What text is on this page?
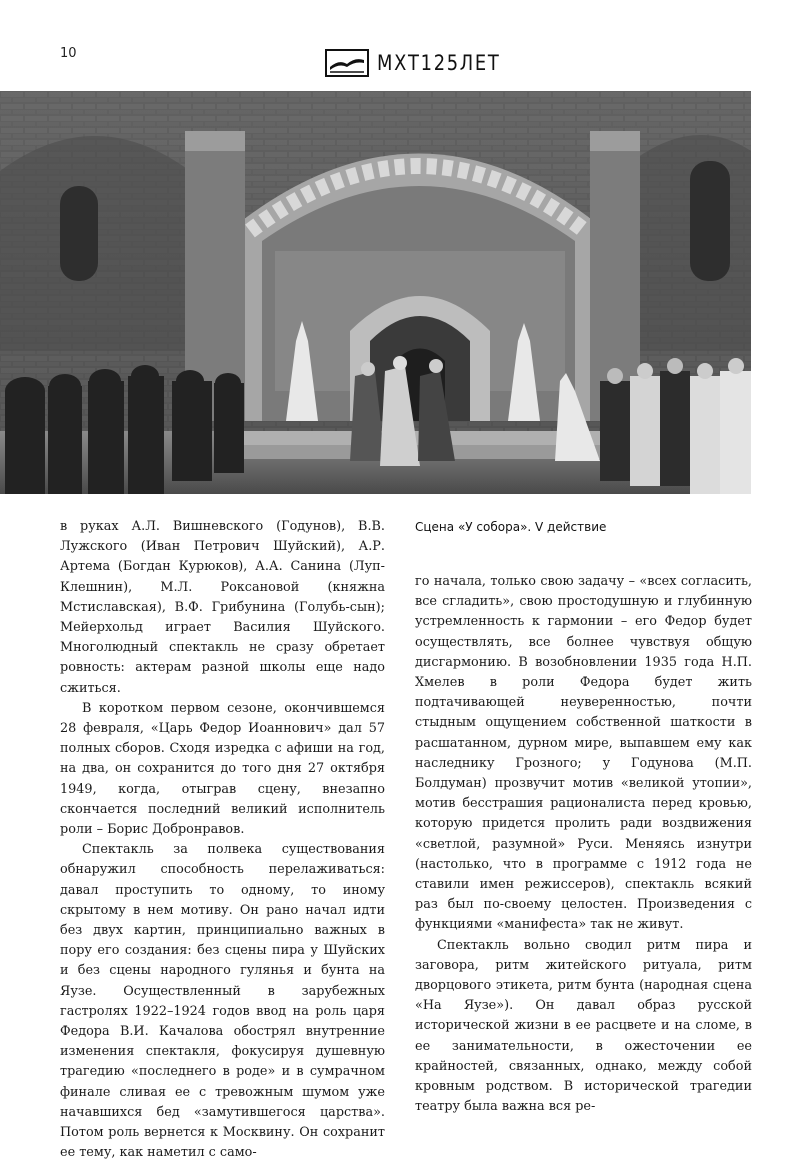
10	МХТ125ЛЕТ

в руках А.Л. Вишневского (Годунов), В.В. Лужского (Иван Петрович Шуйский), А.Р. Артема (Богдан Курюков), А.А. Санина (Луп-Клешнин), М.Л. Роксановой (княжна Мстиславская), В.Ф. Грибунина (Голубь-сын); Мейерхольд играет Василия Шуйского. Многолюдный спектакль не сразу обретает ровность: актерам разной школы еще надо сжиться.

В коротком первом сезоне, окончившемся 28 февраля, «Царь Федор Иоаннович» дал 57 полных сборов. Сходя изредка с афиши на год, на два, он сохранится до того дня 27 октября 1949, когда, отыграв сцену, внезапно скончается последний великий исполнитель роли – Борис Добронравов.

Спектакль за полвека существования обнаружил способность перелаживаться: давал проступить то одному, то иному скрытому в нем мотиву. Он рано начал идти без двух картин, принципиально важных в пору его создания: без сцены пира у Шуйских и без сцены народного гулянья и бунта на Яузе. Осуществленный в зарубежных гастролях 1922–1924 годов ввод на роль царя Федора В.И. Качалова обострял внутренние изменения спектакля, фокусируя душевную трагедию «последнего в роде» и в сумрачном финале сливая ее с тревожным шумом уже начавшихся бед «замутившегося царства». Потом роль вернется к Москвину. Он сохранит ее тему, как наметил с само-

Сцена «У собора». V действие

го начала, только свою задачу – «всех согласить, все сгладить», свою простодушную и глубинную устремленность к гармонии – его Федор будет осуществлять, все болнее чувствуя общую дисгармонию. В возобновлении 1935 года Н.П. Хмелев в роли Федора будет жить подтачивающей неуверенностью, почти стыдным ощущением собственной шаткости в расшатанном, дурном мире, выпавшем ему как наследнику Грозного; у Годунова (М.П. Болдуман) прозвучит мотив «великой утопии», мотив бесстрашия рационалиста перед кровью, которую придется пролить ради воздвижения «светлой, разумной» Руси. Меняясь изнутри (настолько, что в программе с 1912 года не ставили имен режиссеров), спектакль всякий раз был по-своему целостен. Произведения с функциями «манифеста» так не живут.

Спектакль вольно сводил ритм пира и заговора, ритм житейского ритуала, ритм дворцового этикета, ритм бунта (народная сцена «На Яузе»). Он давал образ русской исторической жизни в ее расцвете и на сломе, в ее занимательности, в ожесточении ее крайностей, связанных, однако, между собой кровным родством. В исторической трагедии театру была важна вся ре-
